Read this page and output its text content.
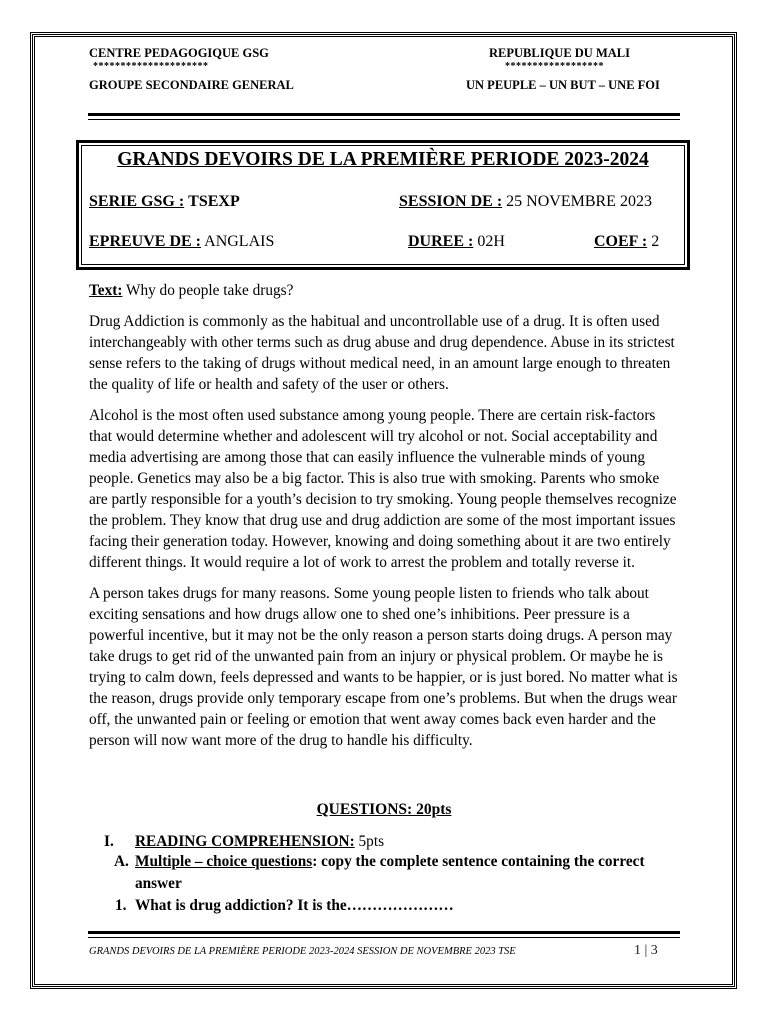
CENTRE PEDAGOGIQUE GSG
*********************
GROUPE SECONDAIRE GENERAL
REPUBLIQUE DU MALI
******************
UN PEUPLE – UN BUT – UNE FOI
GRANDS DEVOIRS DE LA PREMIÈRE PERIODE 2023-2024
SERIE GSG : TSEXP	SESSION DE : 25 NOVEMBRE 2023
EPREUVE DE : ANGLAIS	DUREE : 02H	COEF : 2
Text: Why do people take drugs?

Drug Addiction is commonly as the habitual and uncontrollable use of a drug. It is often used interchangeably with other terms such as drug abuse and drug dependence. Abuse in its strictest sense refers to the taking of drugs without medical need, in an amount large enough to threaten the quality of life or health and safety of the user or others.

Alcohol is the most often used substance among young people. There are certain risk-factors that would determine whether and adolescent will try alcohol or not. Social acceptability and media advertising are among those that can easily influence the vulnerable minds of young people. Genetics may also be a big factor. This is also true with smoking. Parents who smoke are partly responsible for a youth’s decision to try smoking. Young people themselves recognize the problem. They know that drug use and drug addiction are some of the most important issues facing their generation today. However, knowing and doing something about it are two entirely different things. It would require a lot of work to arrest the problem and totally reverse it.

A person takes drugs for many reasons. Some young people listen to friends who talk about exciting sensations and how drugs allow one to shed one’s inhibitions. Peer pressure is a powerful incentive, but it may not be the only reason a person starts doing drugs. A person may take drugs to get rid of the unwanted pain from an injury or physical problem. Or maybe he is trying to calm down, feels depressed and wants to be happier, or is just bored. No matter what is the reason, drugs provide only temporary escape from one’s problems. But when the drugs wear off, the unwanted pain or feeling or emotion that went away comes back even harder and the person will now want more of the drug to handle his difficulty.

QUESTIONS: 20pts
I. READING COMPREHENSION: 5pts
A. Multiple – choice questions: copy the complete sentence containing the correct
answer
1. What is drug addiction? It is the…………………
GRANDS DEVOIRS DE LA PREMIÈRE PERIODE 2023-2024 SESSION DE NOVEMBRE 2023 TSE	1 | 3
